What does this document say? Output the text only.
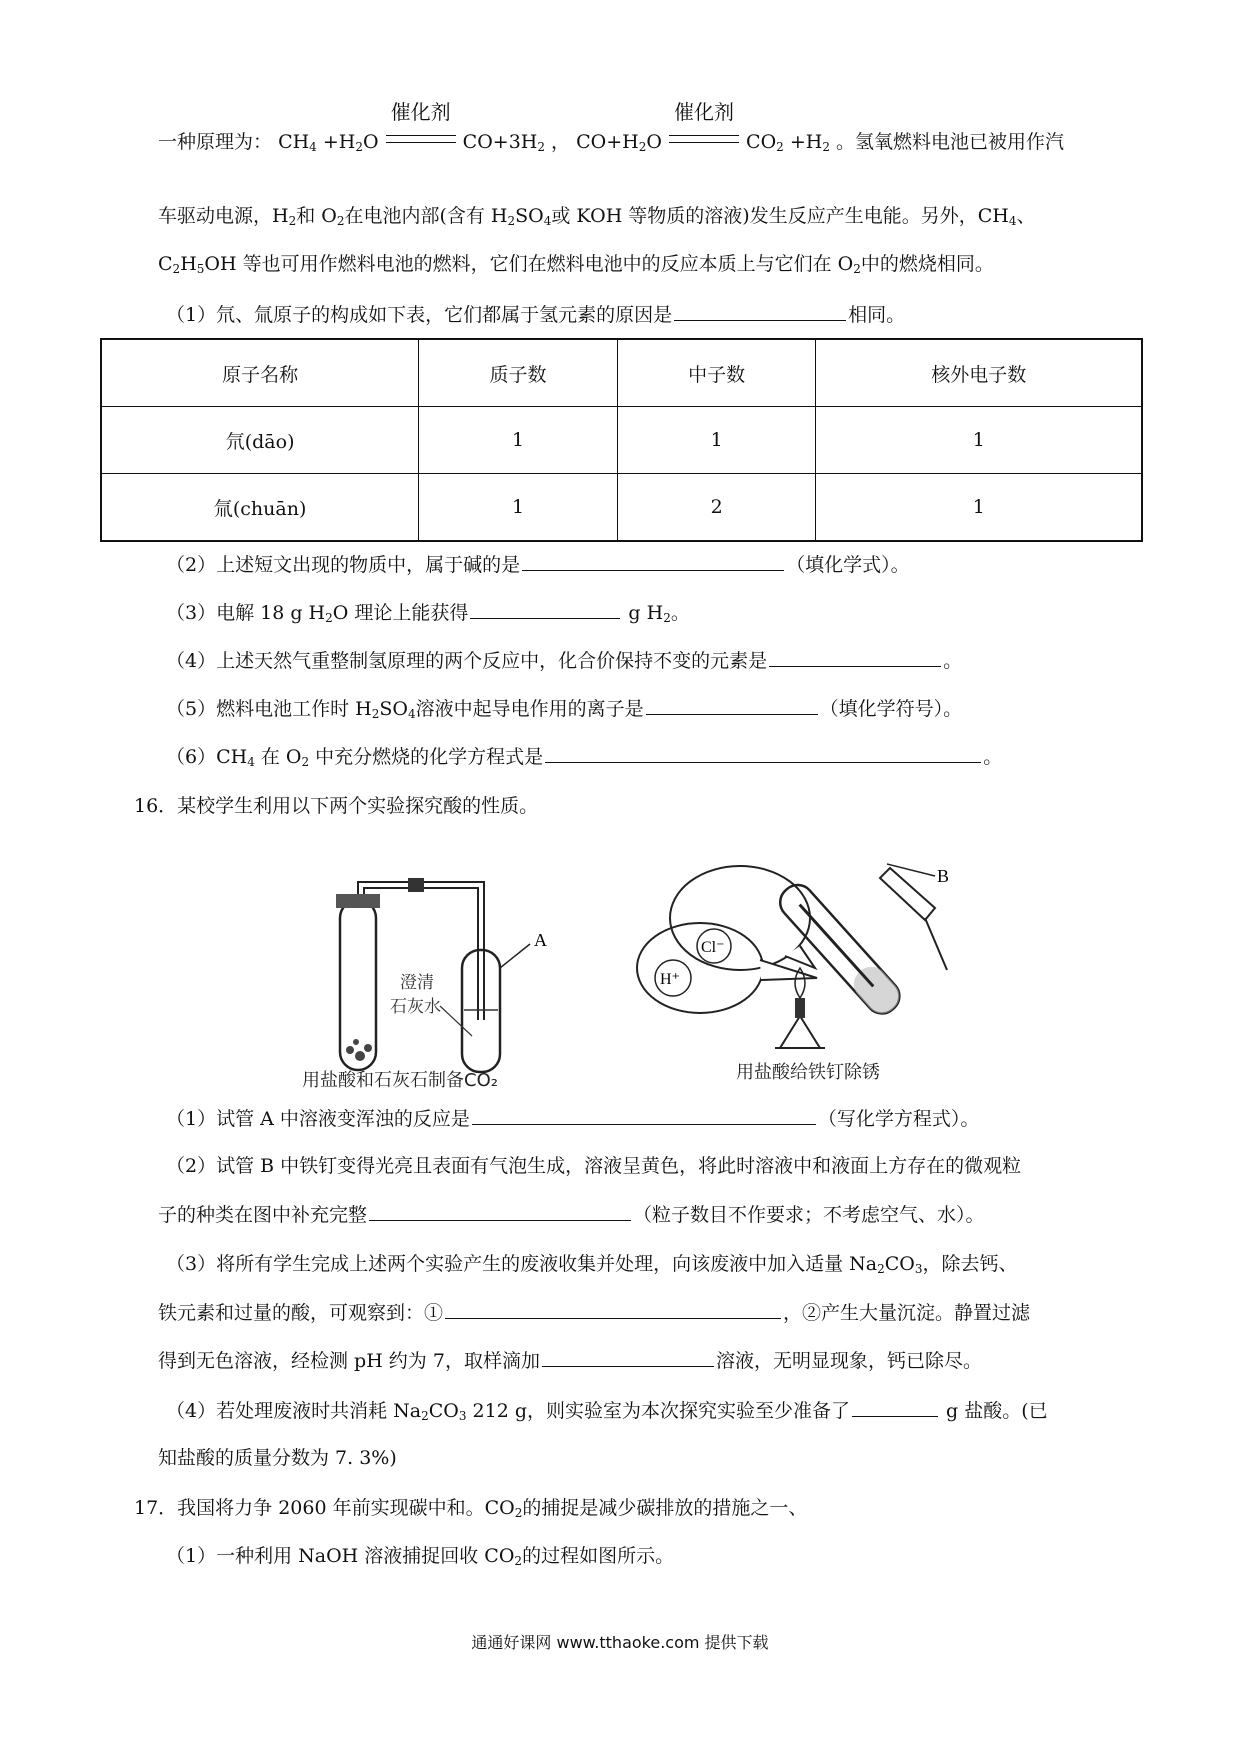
一种原理为： $CH_4 +H_2O$
催化剂
$CO+3H_2$ ， $CO+H_2O$
催化剂
$CO_2 +H_2$ 。氢氧燃料电池已被用作汽
车驱动电源，$H_2$和 $O_2$在电池内部(含有 $H_2SO_4$或 KOH 等物质的溶液)发生反应产生电能。另外，$CH_4$、
$C_2H_5OH$ 等也可用作燃料电池的燃料，它们在燃料电池中的反应本质上与它们在 $O_2$中的燃烧相同。
（1）氘、氚原子的构成如下表，它们都属于氢元素的原因是	相同。
原子名称	质子数	中子数	核外电子数
氘(dāo)	1	1	1
氚(chuān)	1	2	1
（2）上述短文出现的物质中，属于碱的是	（填化学式）。
（3）电解 18 g $H_2O$ 理论上能获得	g $H_2$。
（4）上述天然气重整制氢原理的两个反应中，化合价保持不变的元素是	。
（5）燃料电池工作时 $H_2SO_4$溶液中起导电作用的离子是	（填化学符号）。
$(6)CH_4$ 在 $O_2$ 中充分燃烧的化学方程式是	。
16．某校学生利用以下两个实验探究酸的性质。
A
澄清
石灰水
用盐酸和石灰石制备CO₂
H⁺
Cl⁻
B
用盐酸给铁钉除锈
（1）试管 A 中溶液变浑浊的反应是	（写化学方程式）。
（2）试管 B 中铁钉变得光亮且表面有气泡生成，溶液呈黄色，将此时溶液中和液面上方存在的微观粒
子的种类在图中补充完整	（粒子数目不作要求；不考虑空气、水）。
（3）将所有学生完成上述两个实验产生的废液收集并处理，向该废液中加入适量 $Na_2CO_3$，除去钙、
铁元素和过量的酸，可观察到：①	，②产生大量沉淀。静置过滤
得到无色溶液，经检测 pH 约为 7，取样滴加	溶液，无明显现象，钙已除尽。
（4）若处理废液时共消耗 $Na_2CO_3$ 212 g，则实验室为本次探究实验至少准备了	g 盐酸。(已
知盐酸的质量分数为 7. 3%)
17．我国将力争 2060 年前实现碳中和。$CO_2$的捕捉是减少碳排放的措施之一、
（1）一种利用 NaOH 溶液捕捉回收 $CO_2$的过程如图所示。
通通好课网 www.tthaoke.com 提供下载
